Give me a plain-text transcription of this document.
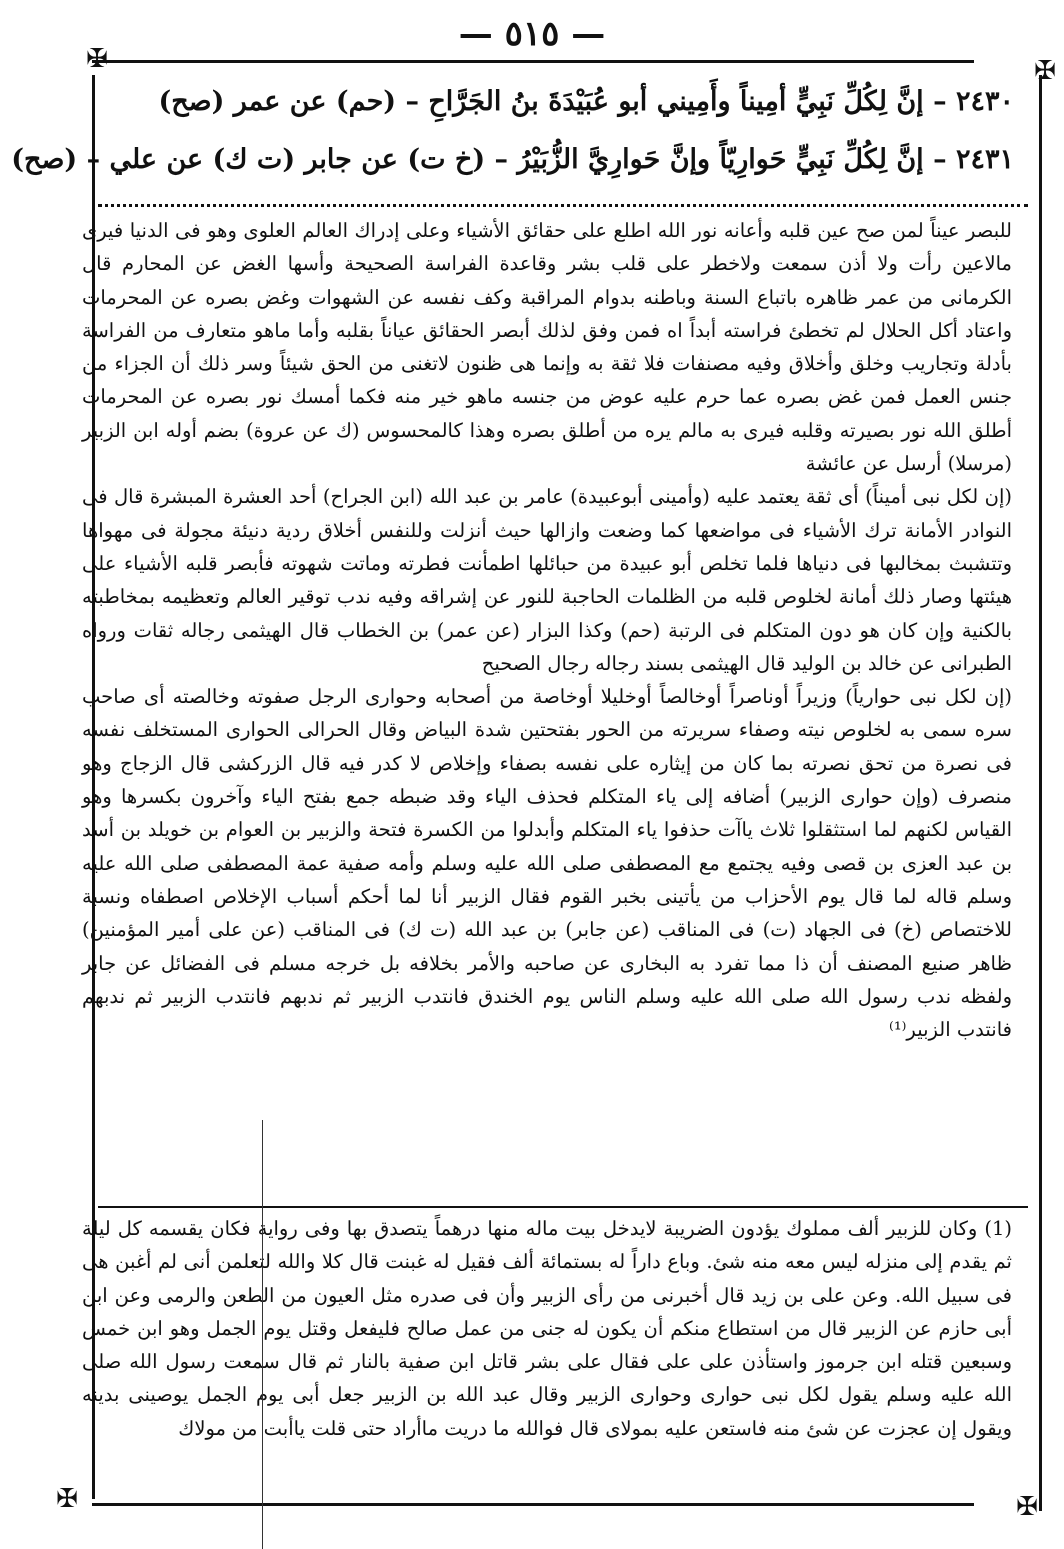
— ٥١٥ —
✠	✠
✠	✠
٢٤٣٠ – إنَّ لِكُلِّ نَبِيٍّ أمِيناً وأَمِيني أبو عُبَيْدَةَ بنُ الجَرَّاحِ – (حم) عن عمر (صح)
٢٤٣١ – إنَّ لِكُلِّ نَبِيٍّ حَوارِيّاً وإنَّ حَوارِيَّ الزُّبَيْرُ – (خ ت) عن جابر (ت ك) عن علي – (صح)

للبصر عيناً لمن صح عين قلبه وأعانه نور الله اطلع على حقائق الأشياء وعلى إدراك العالم العلوى وهو فى الدنيا فيرى مالاعين رأت ولا أذن سمعت ولاخطر على قلب بشر وقاعدة الفراسة الصحيحة وأسها الغض عن المحارم قال الكرمانى من عمر ظاهره باتباع السنة وباطنه بدوام المراقبة وكف نفسه عن الشهوات وغض بصره عن المحرمات واعتاد أكل الحلال لم تخطئ فراسته أبداً اه فمن وفق لذلك أبصر الحقائق عياناً بقلبه وأما ماهو متعارف من الفراسة بأدلة وتجاريب وخلق وأخلاق وفيه مصنفات فلا ثقة به وإنما هى ظنون لاتغنى من الحق شيئاً وسر ذلك أن الجزاء من جنس العمل فمن غض بصره عما حرم عليه عوض من جنسه ماهو خير منه فكما أمسك نور بصره عن المحرمات أطلق الله نور بصيرته وقلبه فيرى به مالم يره من أطلق بصره وهذا كالمحسوس (ك عن عروة) بضم أوله ابن الزبير (مرسلا) أرسل عن عائشة

(إن لكل نبى أميناً) أى ثقة يعتمد عليه (وأمينى أبوعبيدة) عامر بن عبد الله (ابن الجراح) أحد العشرة المبشرة قال فى النوادر الأمانة ترك الأشياء فى مواضعها كما وضعت وازالها حيث أنزلت وللنفس أخلاق ردية دنيئة مجولة فى مهواها وتتشبث بمخالبها فى دنياها فلما تخلص أبو عبيدة من حبائلها اطمأنت فطرته وماتت شهوته فأبصر قلبه الأشياء على هيئتها وصار ذلك أمانة لخلوص قلبه من الظلمات الحاجبة للنور عن إشراقه وفيه ندب توقير العالم وتعظيمه بمخاطبته بالكنية وإن كان هو دون المتكلم فى الرتبة (حم) وكذا البزار (عن عمر) بن الخطاب قال الهيثمى رجاله ثقات ورواه الطبرانى عن خالد بن الوليد قال الهيثمى بسند رجاله رجال الصحيح

(إن لكل نبى حوارياً) وزيراً أوناصراً أوخالصاً أوخليلا أوخاصة من أصحابه وحوارى الرجل صفوته وخالصته أى صاحب سره سمى به لخلوص نيته وصفاء سريرته من الحور بفتحتين شدة البياض وقال الحرالى الحوارى المستخلف نفسه فى نصرة من تحق نصرته بما كان من إيثاره على نفسه بصفاء وإخلاص لا كدر فيه قال الزركشى قال الزجاج وهو منصرف (وإن حوارى الزبير) أضافه إلى ياء المتكلم فحذف الياء وقد ضبطه جمع بفتح الياء وآخرون بكسرها وهو القياس لكنهم لما استثقلوا ثلاث ياآت حذفوا ياء المتكلم وأبدلوا من الكسرة فتحة والزبير بن العوام بن خويلد بن أسد بن عبد العزى بن قصى وفيه يجتمع مع المصطفى صلى الله عليه وسلم وأمه صفية عمة المصطفى صلى الله عليه وسلم قاله لما قال يوم الأحزاب من يأتينى بخبر القوم فقال الزبير أنا لما أحكم أسباب الإخلاص اصطفاه ونسبة للاختصاص (خ) فى الجهاد (ت) فى المناقب (عن جابر) بن عبد الله (ت ك) فى المناقب (عن على أمير المؤمنين) ظاهر صنيع المصنف أن ذا مما تفرد به البخارى عن صاحبه والأمر بخلافه بل خرجه مسلم فى الفضائل عن جابر ولفظه ندب رسول الله صلى الله عليه وسلم الناس يوم الخندق فانتدب الزبير ثم ندبهم فانتدب الزبير ثم ندبهم فانتدب الزبير⁽¹⁾

(1) وكان للزبير ألف مملوك يؤدون الضريبة لايدخل بيت ماله منها درهماً يتصدق بها وفى رواية فكان يقسمه كل ليلة ثم يقدم إلى منزله ليس معه منه شئ. وباع داراً له بستمائة ألف فقيل له غبنت قال كلا والله لتعلمن أنى لم أغبن هى فى سبيل الله. وعن على بن زيد قال أخبرنى من رأى الزبير وأن فى صدره مثل العيون من الطعن والرمى وعن ابن أبى حازم عن الزبير قال من استطاع منكم أن يكون له جنى من عمل صالح فليفعل وقتل يوم الجمل وهو ابن خمس وسبعين قتله ابن جرموز واستأذن على على فقال على بشر قاتل ابن صفية بالنار ثم قال سمعت رسول الله صلى الله عليه وسلم يقول لكل نبى حوارى وحوارى الزبير وقال عبد الله بن الزبير جعل أبى يوم الجمل يوصينى بدينه ويقول إن عجزت عن شئ منه فاستعن عليه بمولاى قال فوالله ما دريت ماأراد حتى قلت ياأبت من مولاك
